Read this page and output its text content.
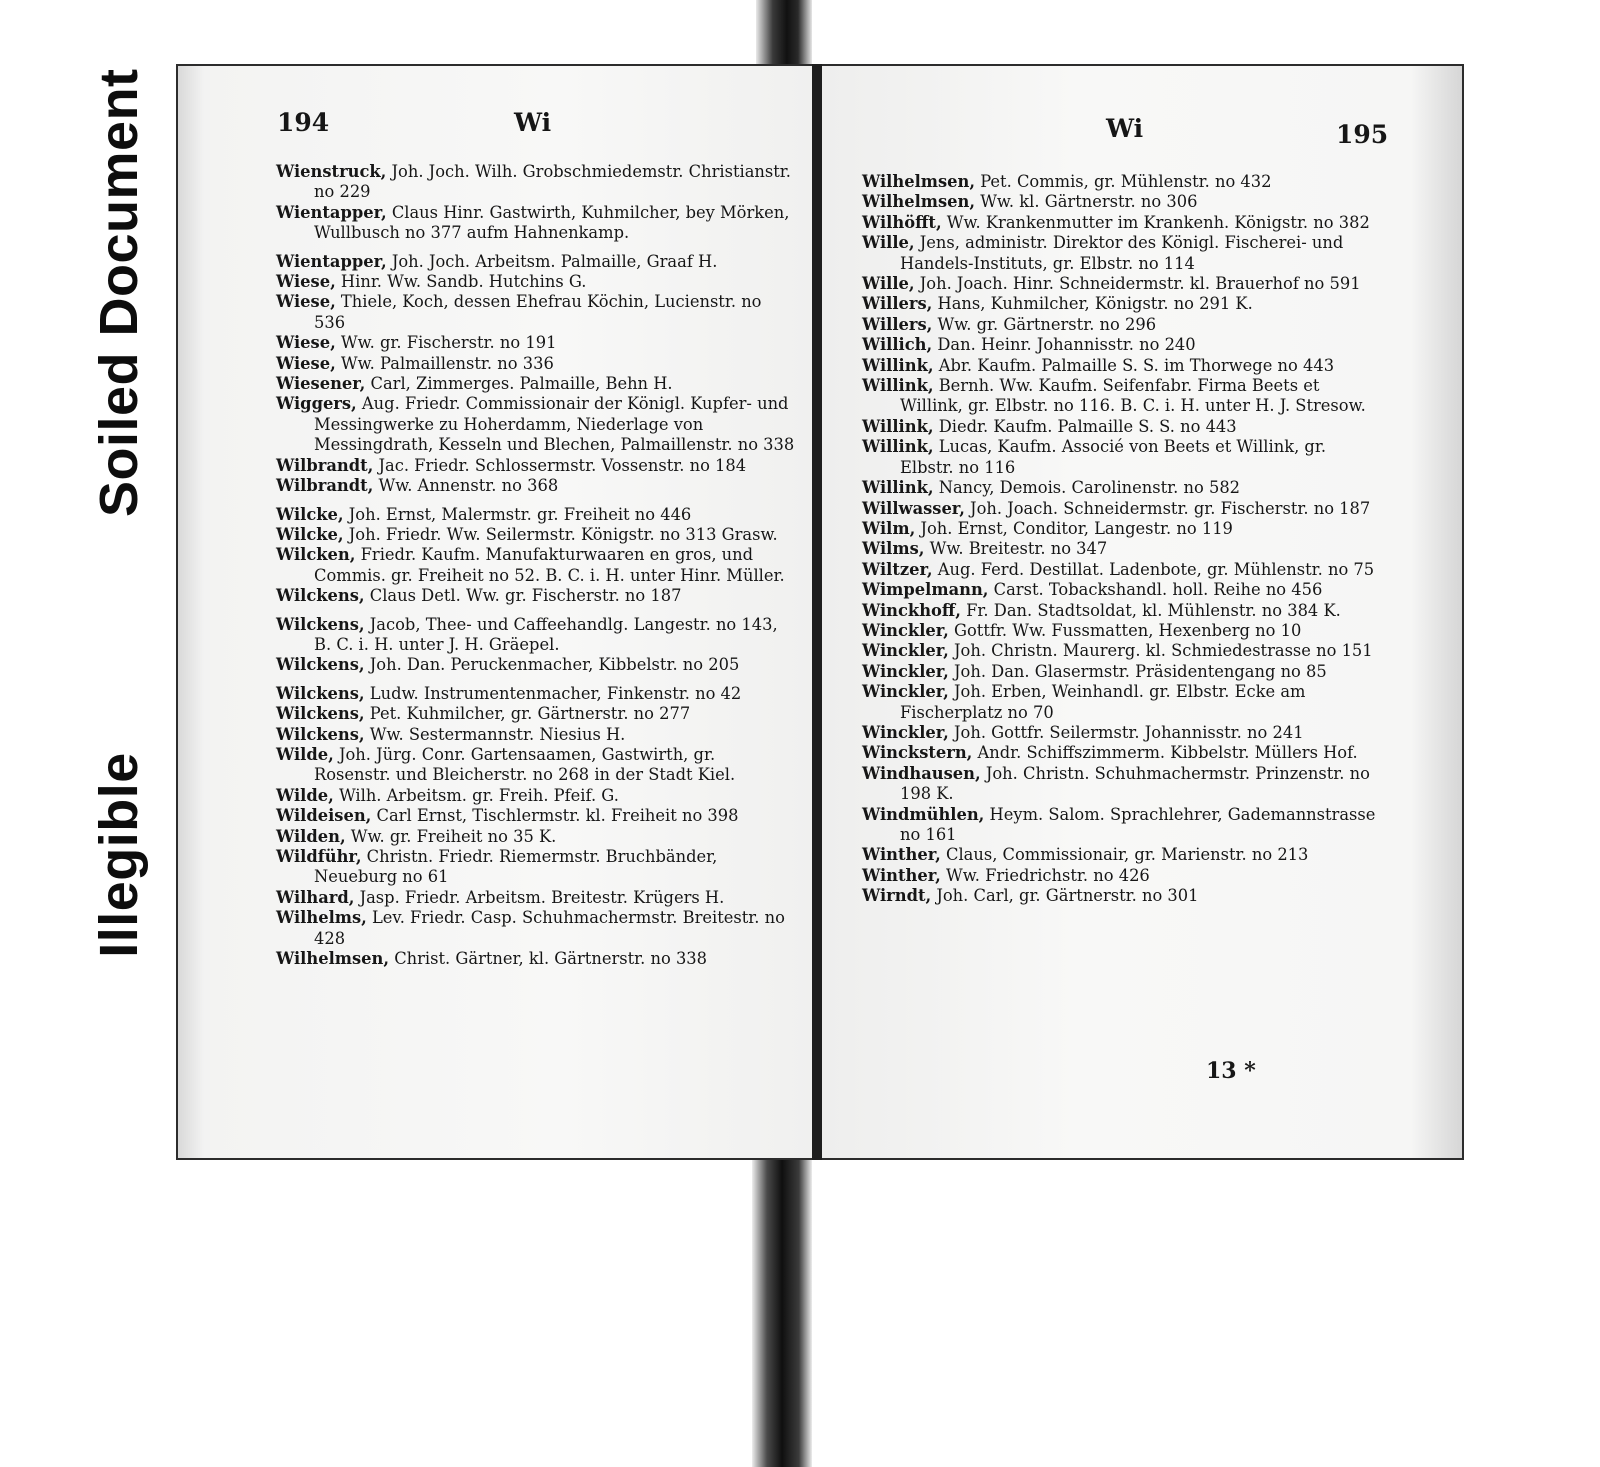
Soiled Document
Illegible
194	Wi	Wi	195
Wienstruck, Joh. Joch. Wilh. Grobschmiedemstr. Christianstr. no 229
Wientapper, Claus Hinr. Gastwirth, Kuhmilcher, bey Mörken, Wullbusch no 377 aufm Hahnenkamp.
Wientapper, Joh. Joch. Arbeitsm. Palmaille, Graaf H.
Wiese, Hinr. Ww. Sandb. Hutchins G.
Wiese, Thiele, Koch, dessen Ehefrau Köchin, Lucienstr. no 536
Wiese, Ww. gr. Fischerstr. no 191
Wiese, Ww. Palmaillenstr. no 336
Wiesener, Carl, Zimmerges. Palmaille, Behn H.
Wiggers, Aug. Friedr. Commissionair der Königl. Kupfer- und Messingwerke zu Hoherdamm, Niederlage von Messingdrath, Kesseln und Blechen, Palmaillenstr. no 338
Wilbrandt, Jac. Friedr. Schlossermstr. Vossenstr. no 184
Wilbrandt, Ww. Annenstr. no 368
Wilcke, Joh. Ernst, Malermstr. gr. Freiheit no 446
Wilcke, Joh. Friedr. Ww. Seilermstr. Königstr. no 313 Grasw.
Wilcken, Friedr. Kaufm. Manufakturwaaren en gros, und Commis. gr. Freiheit no 52. B. C. i. H. unter Hinr. Müller.
Wilckens, Claus Detl. Ww. gr. Fischerstr. no 187
Wilckens, Jacob, Thee- und Caffeehandlg. Langestr. no 143, B. C. i. H. unter J. H. Gräepel.
Wilckens, Joh. Dan. Peruckenmacher, Kibbelstr. no 205
Wilckens, Ludw. Instrumentenmacher, Finkenstr. no 42
Wilckens, Pet. Kuhmilcher, gr. Gärtnerstr. no 277
Wilckens, Ww. Sestermannstr. Niesius H.
Wilde, Joh. Jürg. Conr. Gartensaamen, Gastwirth, gr. Rosenstr. und Bleicherstr. no 268 in der Stadt Kiel.
Wilde, Wilh. Arbeitsm. gr. Freih. Pfeif. G.
Wildeisen, Carl Ernst, Tischlermstr. kl. Freiheit no 398
Wilden, Ww. gr. Freiheit no 35 K.
Wildführ, Christn. Friedr. Riemermstr. Bruchbänder, Neueburg no 61
Wilhard, Jasp. Friedr. Arbeitsm. Breitestr. Krügers H.
Wilhelms, Lev. Friedr. Casp. Schuhmachermstr. Breitestr. no 428
Wilhelmsen, Christ. Gärtner, kl. Gärtnerstr. no 338
Wilhelmsen, Pet. Commis, gr. Mühlenstr. no 432
Wilhelmsen, Ww. kl. Gärtnerstr. no 306
Wilhöfft, Ww. Krankenmutter im Krankenh. Königstr. no 382
Wille, Jens, administr. Direktor des Königl. Fischerei- und Handels-Instituts, gr. Elbstr. no 114
Wille, Joh. Joach. Hinr. Schneidermstr. kl. Brauerhof no 591
Willers, Hans, Kuhmilcher, Königstr. no 291 K.
Willers, Ww. gr. Gärtnerstr. no 296
Willich, Dan. Heinr. Johannisstr. no 240
Willink, Abr. Kaufm. Palmaille S. S. im Thorwege no 443
Willink, Bernh. Ww. Kaufm. Seifenfabr. Firma Beets et Willink, gr. Elbstr. no 116. B. C. i. H. unter H. J. Stresow.
Willink, Diedr. Kaufm. Palmaille S. S. no 443
Willink, Lucas, Kaufm. Associé von Beets et Willink, gr. Elbstr. no 116
Willink, Nancy, Demois. Carolinenstr. no 582
Willwasser, Joh. Joach. Schneidermstr. gr. Fischerstr. no 187
Wilm, Joh. Ernst, Conditor, Langestr. no 119
Wilms, Ww. Breitestr. no 347
Wiltzer, Aug. Ferd. Destillat. Ladenbote, gr. Mühlenstr. no 75
Wimpelmann, Carst. Tobackshandl. holl. Reihe no 456
Winckhoff, Fr. Dan. Stadtsoldat, kl. Mühlenstr. no 384 K.
Winckler, Gottfr. Ww. Fussmatten, Hexenberg no 10
Winckler, Joh. Christn. Maurerg. kl. Schmiedestrasse no 151
Winckler, Joh. Dan. Glasermstr. Präsidentengang no 85
Winckler, Joh. Erben, Weinhandl. gr. Elbstr. Ecke am Fischerplatz no 70
Winckler, Joh. Gottfr. Seilermstr. Johannisstr. no 241
Winckstern, Andr. Schiffszimmerm. Kibbelstr. Müllers Hof.
Windhausen, Joh. Christn. Schuhmachermstr. Prinzenstr. no 198 K.
Windmühlen, Heym. Salom. Sprachlehrer, Gademannstrasse no 161
Winther, Claus, Commissionair, gr. Marienstr. no 213
Winther, Ww. Friedrichstr. no 426
Wirndt, Joh. Carl, gr. Gärtnerstr. no 301
13 *
